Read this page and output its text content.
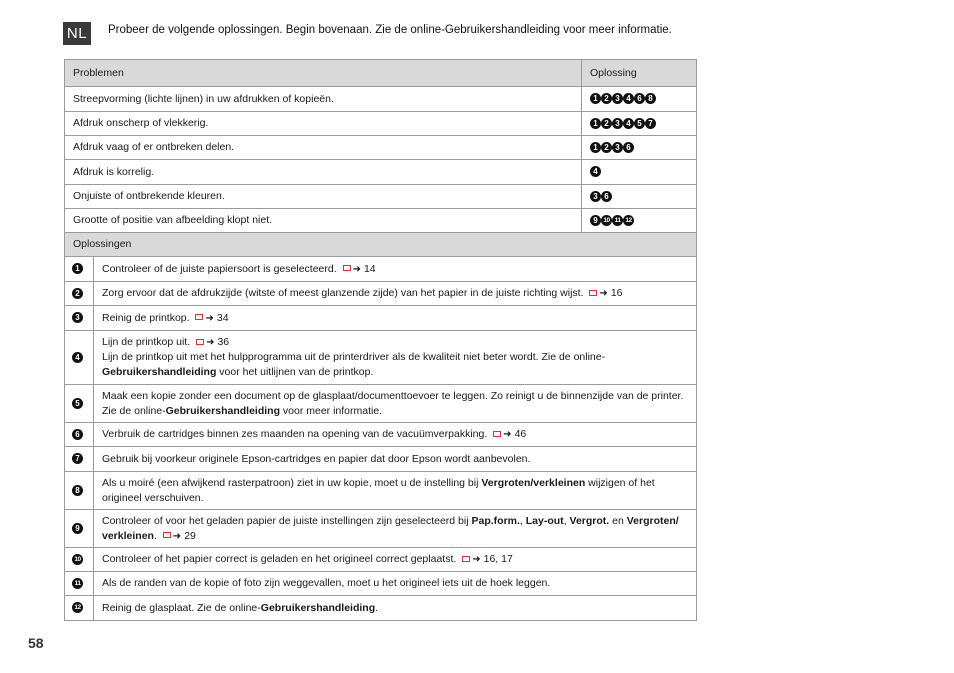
NL	Probeer de volgende oplossingen. Begin bovenaan. Zie de online-Gebruikershandleiding voor meer informatie.
Problemen		Oplossing
Streepvorming (lichte lijnen) in uw afdrukken of kopieën.		1 2 3 4 6 8
Afdruk onscherp of vlekkerig.		1 2 3 4 5 7
Afdruk vaag of er ontbreken delen.		1 2 3 6
Afdruk is korrelig.		4
Onjuiste of ontbrekende kleuren.		3 6
Grootte of positie van afbeelding klopt niet.		9 10 11 12
Oplossingen		
1	Controleer of de juiste papiersoort is geselecteerd. ➜ 14	
2	Zorg ervoor dat de afdrukzijde (witste of meest glanzende zijde) van het papier in de juiste richting wijst. ➜ 16	
3	Reinig de printkop. ➜ 34	
4	Lijn de printkop uit. ➜ 36
Lijn de printkop uit met het hulpprogramma uit de printerdriver als de kwaliteit niet beter wordt. Zie de online-Gebruikershandleiding voor het uitlijnen van de printkop.	
5	Maak een kopie zonder een document op de glasplaat/documenttoevoer te leggen. Zo reinigt u de binnenzijde van de printer. Zie de online-Gebruikershandleiding voor meer informatie.	
6	Verbruik de cartridges binnen zes maanden na opening van de vacuümverpakking. ➜ 46	
7	Gebruik bij voorkeur originele Epson-cartridges en papier dat door Epson wordt aanbevolen.	
8	Als u moiré (een afwijkend rasterpatroon) ziet in uw kopie, moet u de instelling bij Vergroten/verkleinen wijzigen of het origineel verschuiven.	
9	Controleer of voor het geladen papier de juiste instellingen zijn geselecteerd bij Pap.form., Lay-out, Vergrot. en Vergroten/ verkleinen. ➜ 29	
10	Controleer of het papier correct is geladen en het origineel correct geplaatst. ➜ 16, 17	
11	Als de randen van de kopie of foto zijn weggevallen, moet u het origineel iets uit de hoek leggen.	
12	Reinig de glasplaat. Zie de online-Gebruikershandleiding.	
58
